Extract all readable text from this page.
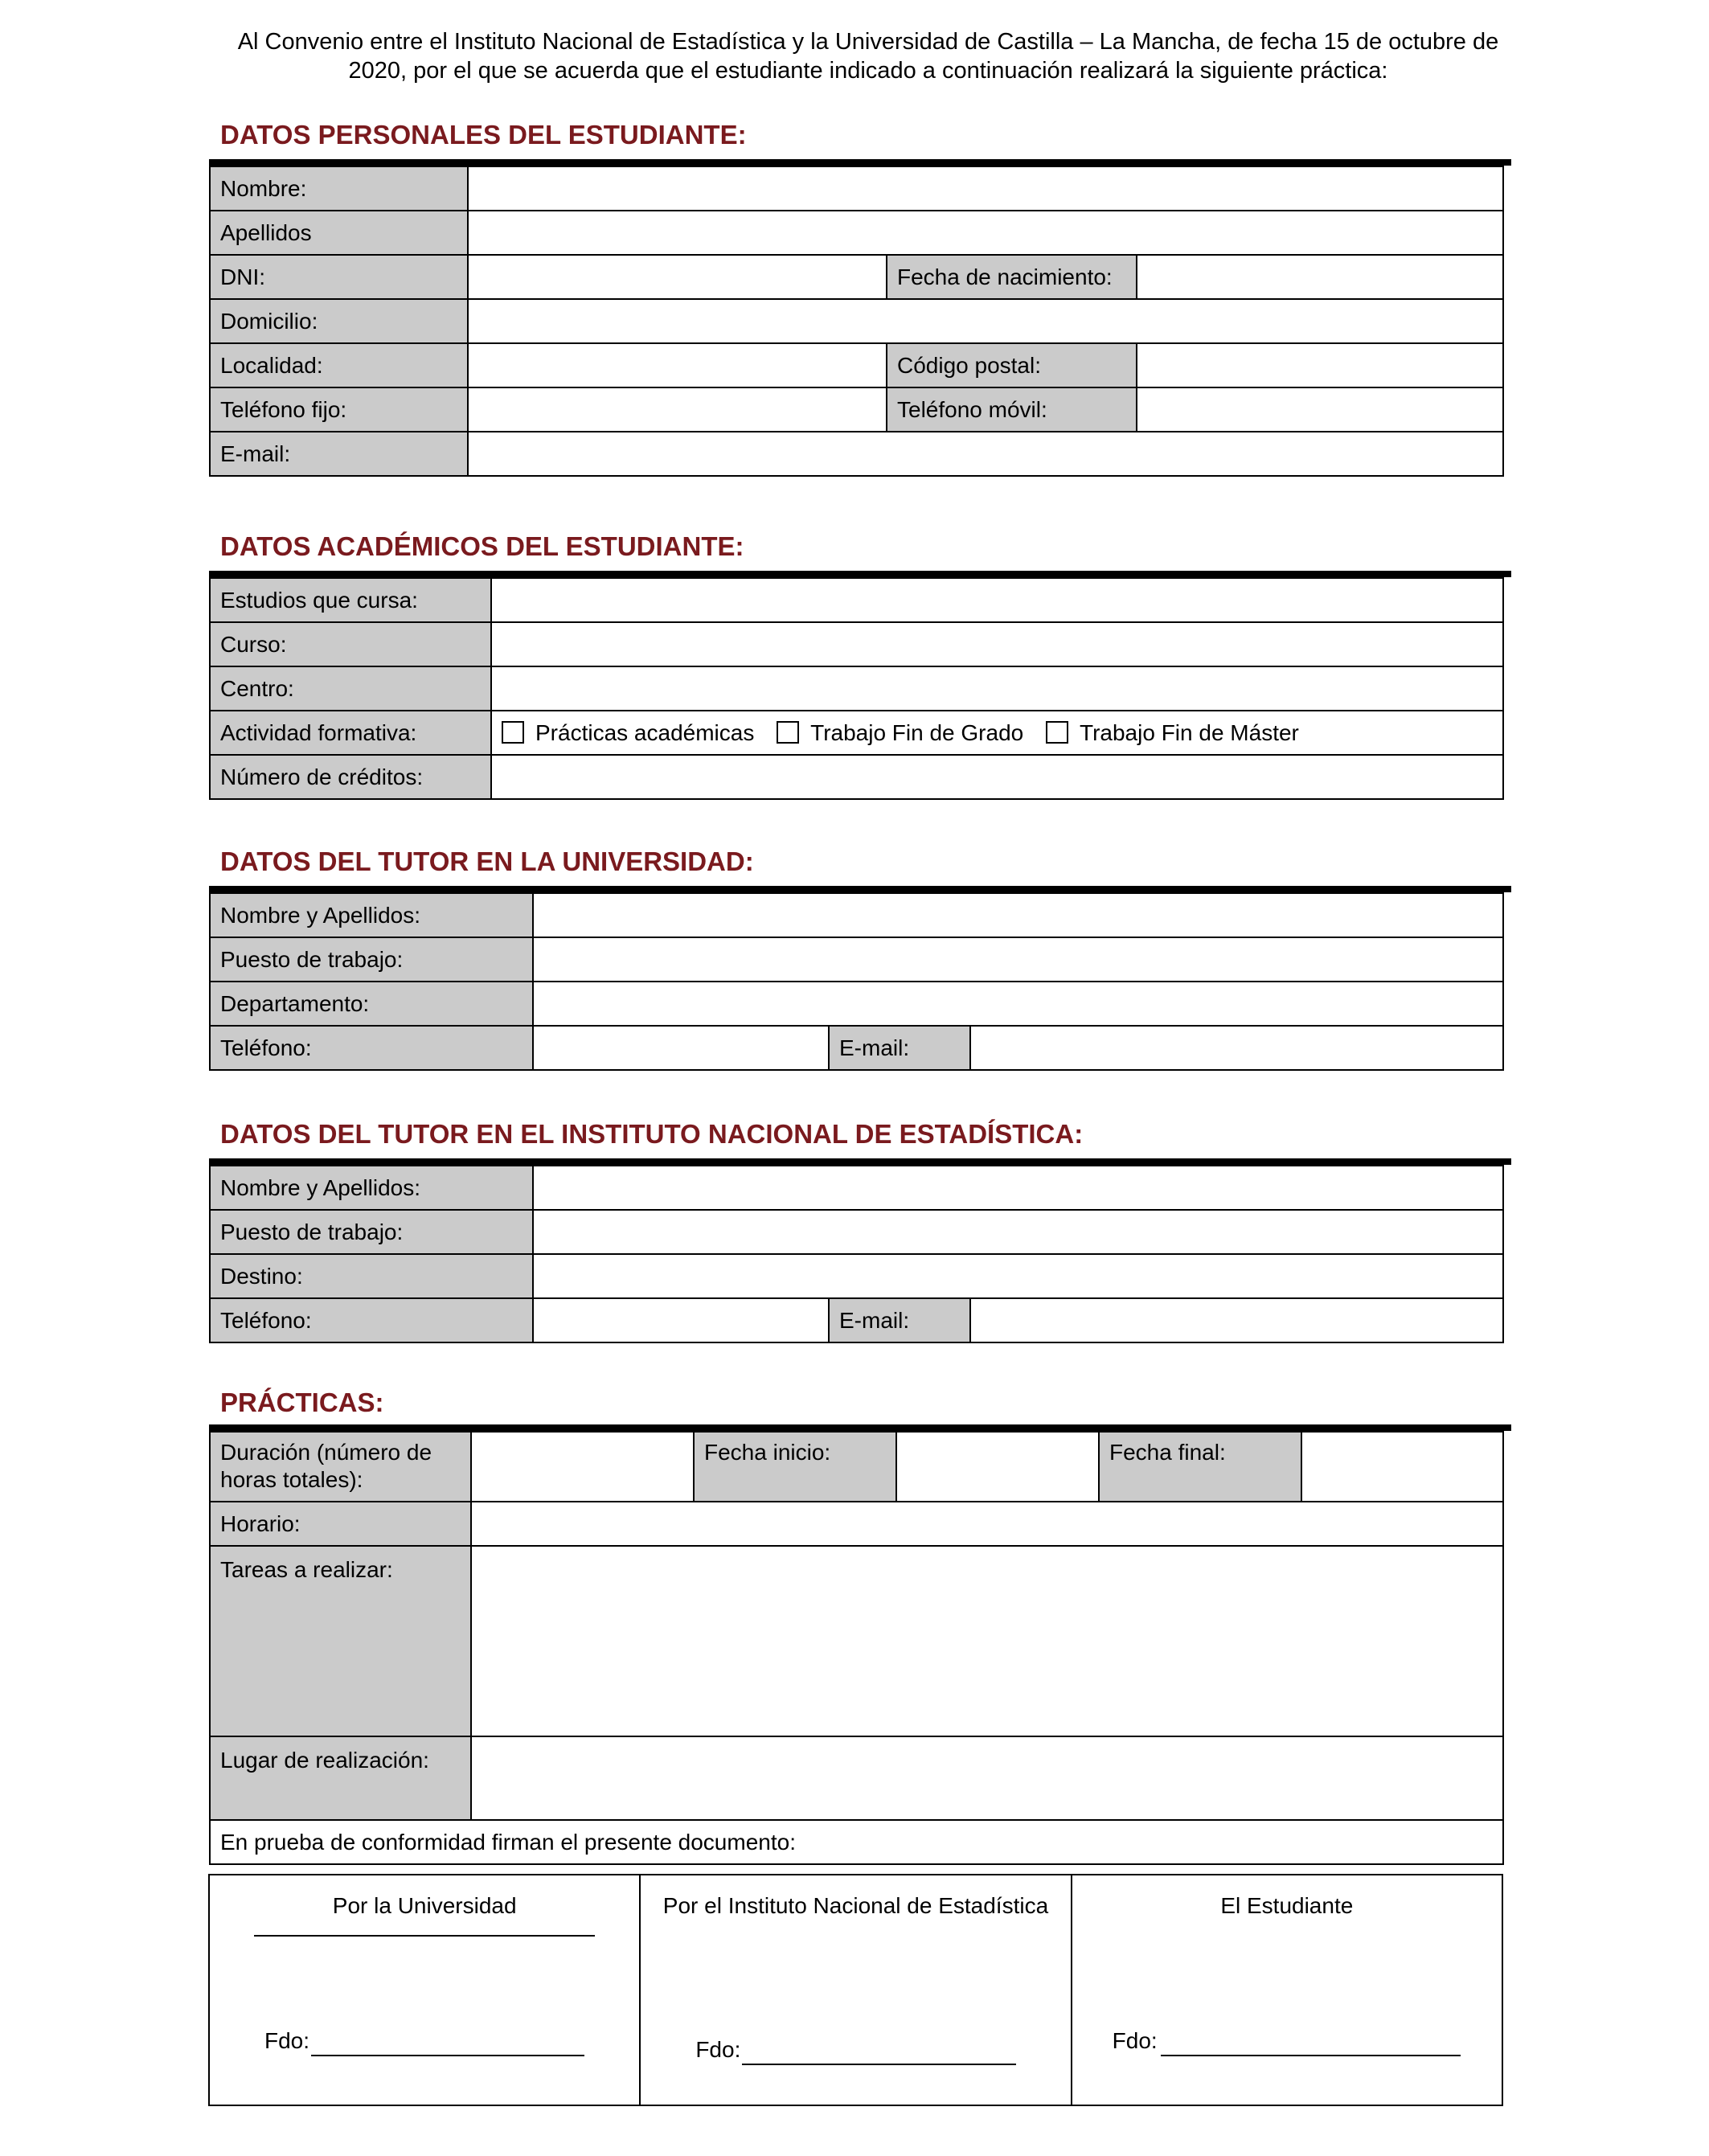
Al Convenio entre el Instituto Nacional de Estadística y la Universidad de Castilla – La Mancha, de fecha 15 de octubre de 2020, por el que se acuerda que el estudiante indicado a continuación realizará la siguiente práctica:
DATOS PERSONALES DEL ESTUDIANTE:
Nombre:			
Apellidos			
DNI:		Fecha de nacimiento:	
Domicilio:			
Localidad:		Código postal:	
Teléfono fijo:		Teléfono móvil:	
E-mail:			
DATOS ACADÉMICOS DEL ESTUDIANTE:
Estudios que cursa:	
Curso:	
Centro:	
Actividad formativa:	Prácticas académicas Trabajo Fin de Grado Trabajo Fin de Máster
Número de créditos:	
DATOS DEL TUTOR EN LA UNIVERSIDAD:
Nombre y Apellidos:			
Puesto de trabajo:			
Departamento:			
Teléfono:		E-mail:	
DATOS DEL TUTOR EN EL INSTITUTO NACIONAL DE ESTADÍSTICA:
Nombre y Apellidos:			
Puesto de trabajo:			
Destino:			
Teléfono:		E-mail:	
PRÁCTICAS:
Duración (número de horas totales):		Fecha inicio:		Fecha final:	
Horario:					
Tareas a realizar:					
Lugar de realización:					
En prueba de conformidad firman el presente documento:					
Por la Universidad
Fdo:
Por el Instituto Nacional de Estadística
Fdo:
El Estudiante
Fdo:
